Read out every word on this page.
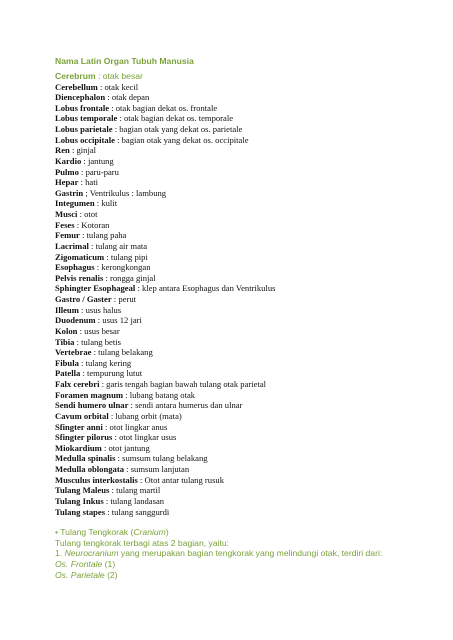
Nama Latin Organ Tubuh Manusia
Cerebrum : otak besar
Cerebellum : otak kecil
Diencephalon : otak depan
Lobus frontale : otak bagian dekat os. frontale
Lobus temporale : otak bagian dekat os. temporale
Lobus parietale : bagian otak yang dekat os. parietale
Lobus occipitale : bagian otak yang dekat os. occipitale
Ren : ginjal
Kardio : jantung
Pulmo : paru-paru
Hepar : hati
Gastrin ; Ventrikulus : lambung
Integumen : kulit
Musci : otot
Feses : Kotoran
Femur : tulang paha
Lacrimal : tulang air mata
Zigomaticum : tulang pipi
Esophagus : kerongkongan
Pelvis renalis : rongga ginjal
Sphingter Esophageal : klep antara Esophagus dan Ventrikulus
Gastro / Gaster : perut
Illeum : usus halus
Duodenum : usus 12 jari
Kolon : usus besar
Tibia : tulang betis
Vertebrae : tulang belakang
Fibula : tulang kering
Patella : tempurung lutut
Falx cerebri : garis tengah bagian bawah tulang otak parietal
Foramen magnum : lubang batang otak
Sendi humero ulnar : sendi antara humerus dan ulnar
Cavum orbital : lubang orbit (mata)
Sfingter anni : otot lingkar anus
Sfingter pilorus : otot lingkar usus
Miokardium : otot jantung
Medulla spinalis : sumsum tulang belakang
Medulla oblongata : sumsum lanjutan
Musculus interkostalis : Otot antar tulang rusuk
Tulang Maleus : tulang martil
Tulang Inkus : tulang landasan
Tulang stapes : tulang sanggurdi
• Tulang Tengkorak (Cranium)
Tulang tengkorak terbagi atas 2 bagian, yaitu:
1. Neurocranium yang merupakan bagian tengkorak yang melindungi otak, terdiri dari:
Os. Frontale (1)
Os. Parietale (2)
